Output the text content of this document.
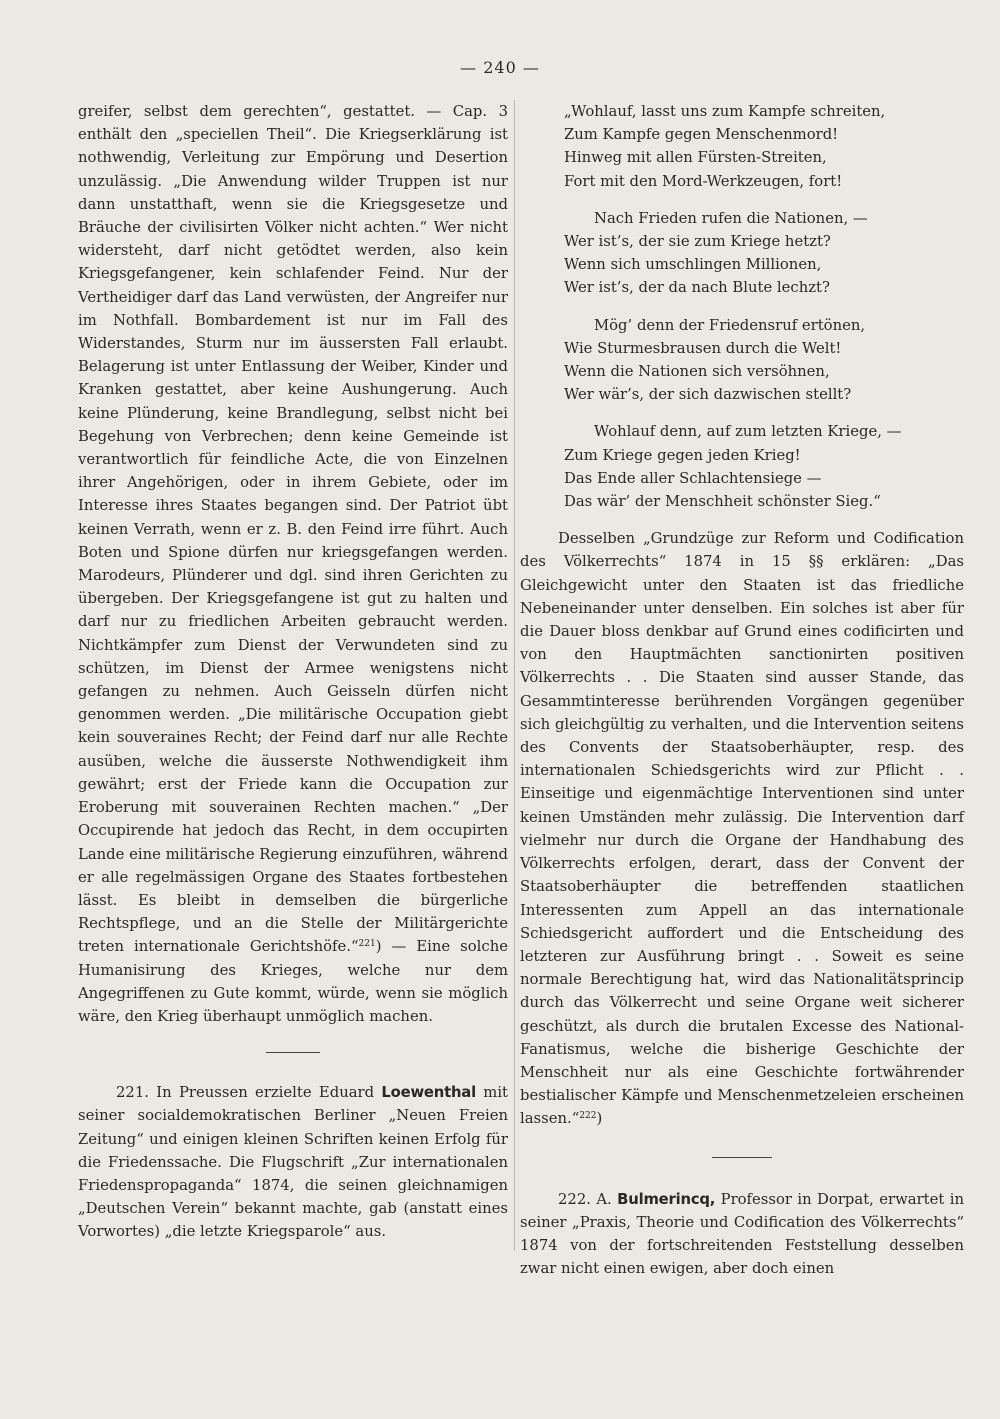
— 240 —

greifer, selbst dem gerechten“, gestattet. — Cap. 3 enthält den „speciellen Theil“. Die Kriegserklärung ist nothwendig, Verleitung zur Empörung und Desertion unzulässig. „Die Anwendung wilder Truppen ist nur dann unstatthaft, wenn sie die Kriegsgesetze und Bräuche der civilisirten Völker nicht achten.“ Wer nicht widersteht, darf nicht getödtet werden, also kein Kriegsgefangener, kein schlafender Feind. Nur der Vertheidiger darf das Land verwüsten, der Angreifer nur im Nothfall. Bombardement ist nur im Fall des Widerstandes, Sturm nur im äussersten Fall erlaubt. Belagerung ist unter Entlassung der Weiber, Kinder und Kranken gestattet, aber keine Aushungerung. Auch keine Plünderung, keine Brandlegung, selbst nicht bei Begehung von Verbrechen; denn keine Gemeinde ist verantwortlich für feindliche Acte, die von Einzelnen ihrer Angehörigen, oder in ihrem Gebiete, oder im Interesse ihres Staates begangen sind. Der Patriot übt keinen Verrath, wenn er z. B. den Feind irre führt. Auch Boten und Spione dürfen nur kriegsgefangen werden. Marodeurs, Plünderer und dgl. sind ihren Gerichten zu übergeben. Der Kriegsgefangene ist gut zu halten und darf nur zu friedlichen Arbeiten gebraucht werden. Nichtkämpfer zum Dienst der Verwundeten sind zu schützen, im Dienst der Armee wenigstens nicht gefangen zu nehmen. Auch Geisseln dürfen nicht genommen werden. „Die militärische Occupation giebt kein souveraines Recht; der Feind darf nur alle Rechte ausüben, welche die äusserste Nothwendigkeit ihm gewährt; erst der Friede kann die Occupation zur Eroberung mit souverainen Rechten machen.“ „Der Occupirende hat jedoch das Recht, in dem occupirten Lande eine militärische Regierung einzuführen, während er alle regelmässigen Organe des Staates fortbestehen lässt. Es bleibt in demselben die bürgerliche Rechtspflege, und an die Stelle der Militärgerichte treten internationale Gerichtshöfe.“$^{221}$) — Eine solche Humanisirung des Krieges, welche nur dem Angegriffenen zu Gute kommt, würde, wenn sie möglich wäre, den Krieg überhaupt unmöglich machen.

221. In Preussen erzielte Eduard Loewenthal mit seiner socialdemokratischen Berliner „Neuen Freien Zeitung“ und einigen kleinen Schriften keinen Erfolg für die Friedenssache. Die Flugschrift „Zur internationalen Friedenspropaganda“ 1874, die seinen gleichnamigen „Deutschen Verein“ bekannt machte, gab (anstatt eines Vorwortes) „die letzte Kriegsparole“ aus.

„Wohlauf, lasst uns zum Kampfe schreiten,
Zum Kampfe gegen Menschenmord!
Hinweg mit allen Fürsten-Streiten,
Fort mit den Mord-Werkzeugen, fort!
Nach Frieden rufen die Nationen, —
Wer ist’s, der sie zum Kriege hetzt?
Wenn sich umschlingen Millionen,
Wer ist’s, der da nach Blute lechzt?
Mög’ denn der Friedensruf ertönen,
Wie Sturmesbrausen durch die Welt!
Wenn die Nationen sich versöhnen,
Wer wär’s, der sich dazwischen stellt?
Wohlauf denn, auf zum letzten Kriege, —
Zum Kriege gegen jeden Krieg!
Das Ende aller Schlachtensiege —
Das wär’ der Menschheit schönster Sieg.“

Desselben „Grundzüge zur Reform und Codification des Völkerrechts“ 1874 in 15 §§ erklären: „Das Gleichgewicht unter den Staaten ist das friedliche Nebeneinander unter denselben. Ein solches ist aber für die Dauer bloss denkbar auf Grund eines codificirten und von den Hauptmächten sanctionirten positiven Völkerrechts . . Die Staaten sind ausser Stande, das Gesammtinteresse berührenden Vorgängen gegenüber sich gleichgültig zu verhalten, und die Intervention seitens des Convents der Staatsoberhäupter, resp. des internationalen Schiedsgerichts wird zur Pflicht . . Einseitige und eigenmächtige Interventionen sind unter keinen Umständen mehr zulässig. Die Intervention darf vielmehr nur durch die Organe der Handhabung des Völkerrechts erfolgen, derart, dass der Convent der Staatsoberhäupter die betreffenden staatlichen Interessenten zum Appell an das internationale Schiedsgericht auffordert und die Entscheidung des letzteren zur Ausführung bringt . . Soweit es seine normale Berechtigung hat, wird das Nationalitätsprincip durch das Völkerrecht und seine Organe weit sicherer geschützt, als durch die brutalen Excesse des National-Fanatismus, welche die bisherige Geschichte der Menschheit nur als eine Geschichte fortwährender bestialischer Kämpfe und Menschenmetzeleien erscheinen lassen.“$^{222}$)

222. A. Bulmerincq, Professor in Dorpat, erwartet in seiner „Praxis, Theorie und Codification des Völkerrechts“ 1874 von der fortschreitenden Feststellung desselben zwar nicht einen ewigen, aber doch einen
